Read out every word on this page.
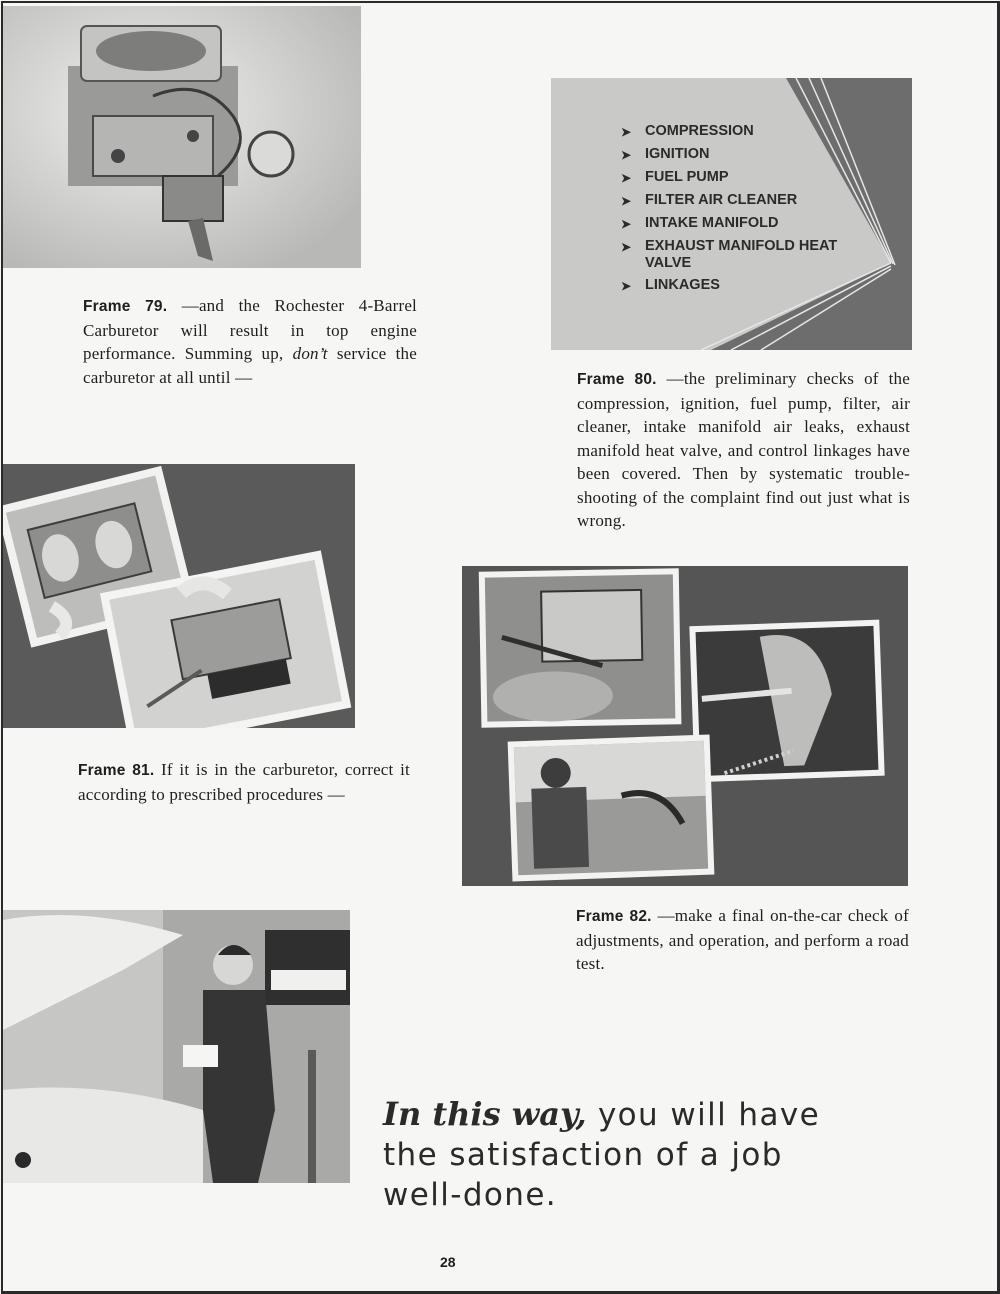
Frame 79. —and the Rochester 4-Barrel Carburetor will result in top engine performance. Summing up, don’t service the carburetor at all until —

➤ COMPRESSION
➤ IGNITION
➤ FUEL PUMP
➤ FILTER AIR CLEANER
➤ INTAKE MANIFOLD
➤ EXHAUST MANIFOLD HEAT VALVE
➤ LINKAGES

Frame 80. —the preliminary checks of the compression, ignition, fuel pump, filter, air cleaner, intake manifold air leaks, exhaust manifold heat valve, and control linkages have been covered. Then by systematic trouble-shooting of the complaint find out just what is wrong.

Frame 81. If it is in the carburetor, correct it according to prescribed procedures —

Frame 82. —make a final on-the-car check of adjustments, and operation, and perform a road test.

In this way, you will have
the satisfaction of a job
well-done.

28
